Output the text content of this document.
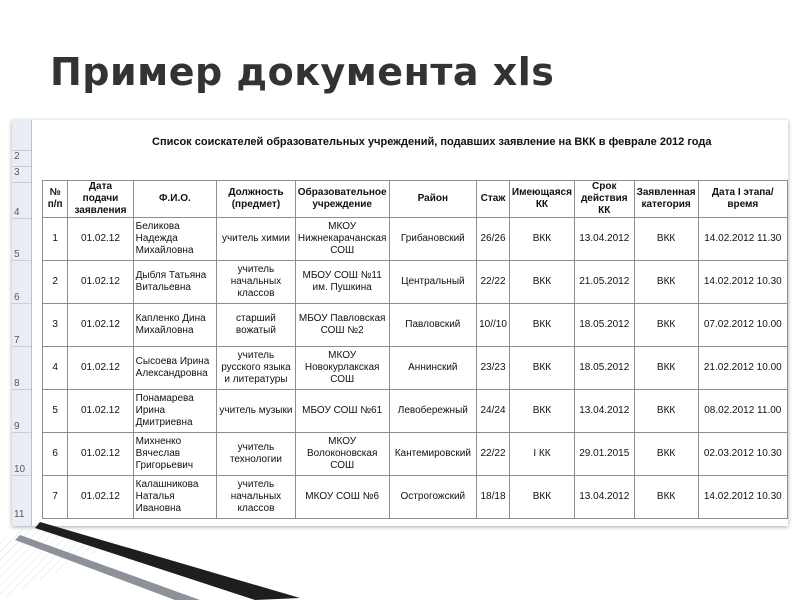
Пример документа xls
2
3
4
5
6
7
8
9
10
11
Список соискателей образовательных учреждений, подавших заявление на ВКК в феврале 2012 года
№ п/п	Дата подачи заявления	Ф.И.О.	Должность (предмет)	Образовательное учреждение	Район	Стаж	Имеющаяся КК	Срок действия КК	Заявленная категория	Дата I этапа/время
1	01.02.12	Беликова Надежда Михайловна	учитель химии	МКОУ Нижнекарачанская СОШ	Грибановский	26/26	ВКК	13.04.2012	ВКК	14.02.2012 11.30
2	01.02.12	Дыбля Татьяна Витальевна	учитель начальных классов	МБОУ СОШ №11 им. Пушкина	Центральный	22/22	ВКК	21.05.2012	ВКК	14.02.2012 10.30
3	01.02.12	Капленко Дина Михайловна	старший вожатый	МБОУ Павловская СОШ №2	Павловский	10//10	ВКК	18.05.2012	ВКК	07.02.2012 10.00
4	01.02.12	Сысоева Ирина Александровна	учитель русского языка и литературы	МКОУ Новокурлакская СОШ	Аннинский	23/23	ВКК	18.05.2012	ВКК	21.02.2012 10.00
5	01.02.12	Понамарева Ирина Дмитриевна	учитель музыки	МБОУ СОШ №61	Левобережный	24/24	ВКК	13.04.2012	ВКК	08.02.2012 11.00
6	01.02.12	Михненко Вячеслав Григорьевич	учитель технологии	МКОУ Волоконовская СОШ	Кантемировский	22/22	I КК	29.01.2015	ВКК	02.03.2012 10.30
7	01.02.12	Калашникова Наталья Ивановна	учитель начальных классов	МКОУ СОШ №6	Острогожский	18/18	ВКК	13.04.2012	ВКК	14.02.2012 10.30
